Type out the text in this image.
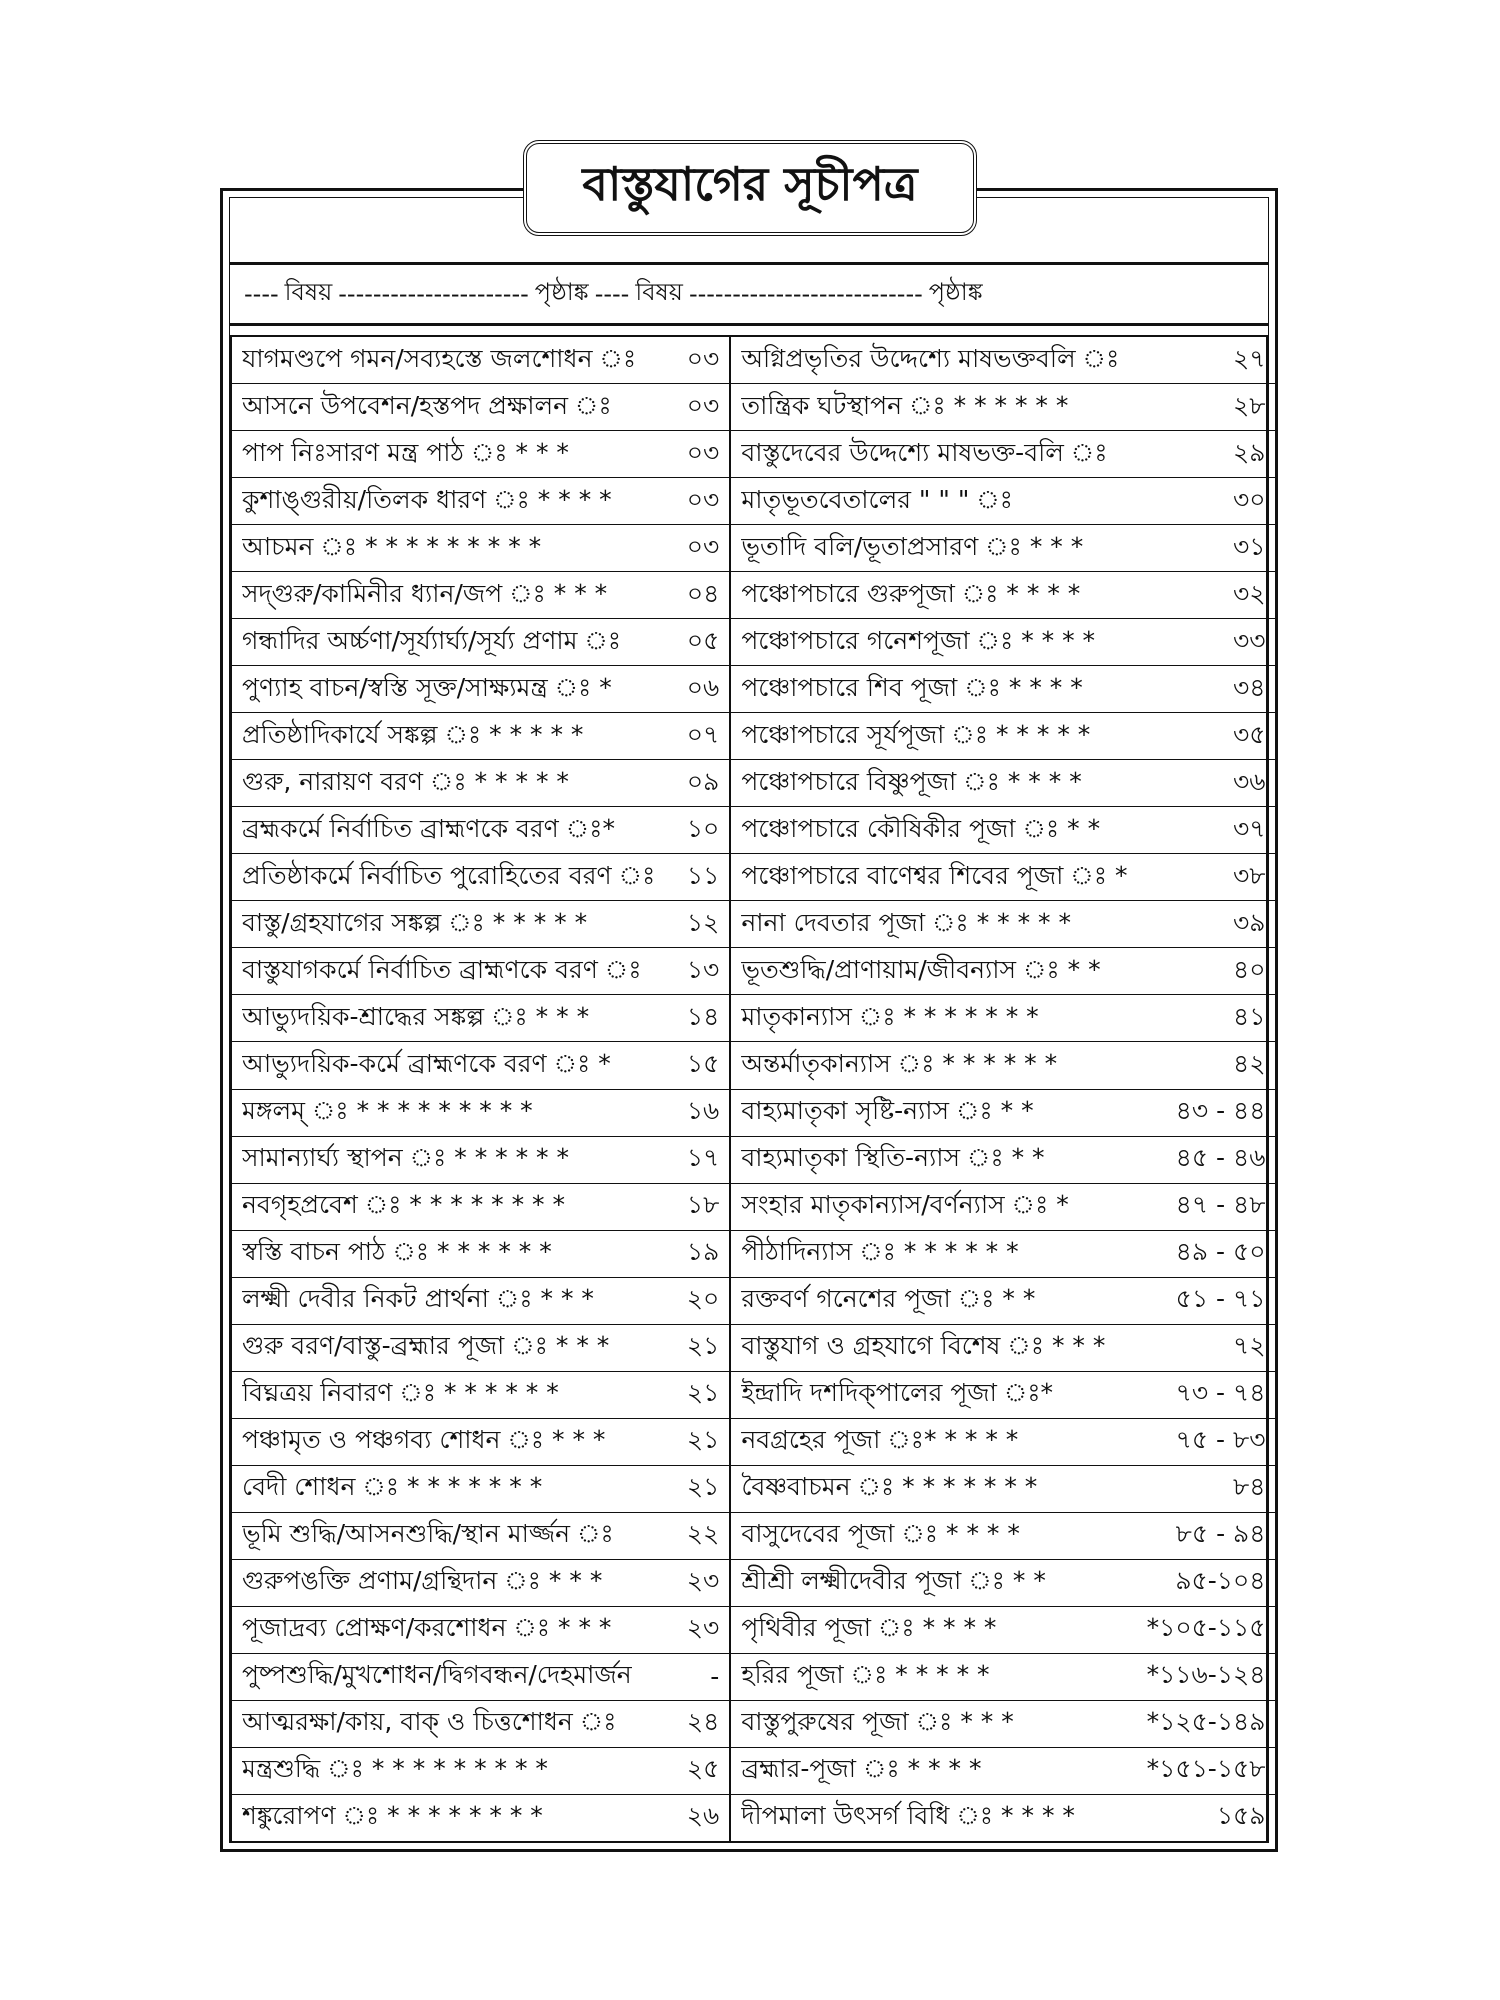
বাস্তুযাগের সূচীপত্র
---- বিষয় ---------------------- পৃষ্ঠাঙ্ক ---- বিষয় --------------------------- পৃষ্ঠাঙ্ক
যাগমণ্ডপে গমন/সব্যহস্তে জলশোধন ঃ	০৩
আসনে উপবেশন/হস্তপদ প্রক্ষালন ঃ	০৩
পাপ নিঃসারণ মন্ত্র পাঠ ঃ * * *	০৩
কুশাঙ্গুরীয়/তিলক ধারণ ঃ * * * *	০৩
আচমন ঃ * * * * * * * * *	০৩
সদ্গুরু/কামিনীর ধ্যান/জপ ঃ * * *	০৪
গন্ধাদির অর্চ্চণা/সূর্য্যার্ঘ্য/সূর্য্য প্রণাম ঃ	০৫
পুণ্যাহ বাচন/স্বস্তি সূক্ত/সাক্ষ্যমন্ত্র ঃ *	০৬
প্রতিষ্ঠাদিকার্যে সঙ্কল্প ঃ * * * * *	০৭
গুরু, নারায়ণ বরণ ঃ * * * * *	০৯
ব্রহ্মকর্মে নির্বাচিত ব্রাহ্মণকে বরণ ঃ*	১০
প্রতিষ্ঠাকর্মে নির্বাচিত পুরোহিতের বরণ ঃ	১১
বাস্তু/গ্রহযাগের সঙ্কল্প ঃ * * * * *	১২
বাস্তুযাগকর্মে নির্বাচিত ব্রাহ্মণকে বরণ ঃ	১৩
আভ্যুদয়িক-শ্রাদ্ধের সঙ্কল্প ঃ * * *	১৪
আভ্যুদয়িক-কর্মে ব্রাহ্মণকে বরণ ঃ *	১৫
মঙ্গলম্ ঃ * * * * * * * * *	১৬
সামান্যার্ঘ্য স্থাপন ঃ * * * * * *	১৭
নবগৃহপ্রবেশ ঃ * * * * * * * *	১৮
স্বস্তি বাচন পাঠ ঃ * * * * * *	১৯
লক্ষ্মী দেবীর নিকট প্রার্থনা ঃ * * *	২০
গুরু বরণ/বাস্তু-ব্রহ্মার পূজা ঃ * * *	২১
বিঘ্নত্রয় নিবারণ ঃ * * * * * *	২১
পঞ্চামৃত ও পঞ্চগব্য শোধন ঃ * * *	২১
বেদী শোধন ঃ * * * * * * *	২১
ভূমি শুদ্ধি/আসনশুদ্ধি/স্থান মার্জ্জন ঃ	২২
গুরুপঙক্তি প্রণাম/গ্রন্থিদান ঃ * * *	২৩
পূজাদ্রব্য প্রোক্ষণ/করশোধন ঃ * * *	২৩
পুষ্পশুদ্ধি/মুখশোধন/দ্বিগবন্ধন/দেহমার্জন	-
আত্মরক্ষা/কায়, বাক্ ও চিত্তশোধন ঃ	২৪
মন্ত্রশুদ্ধি ঃ * * * * * * * * *	২৫
শঙ্কুরোপণ ঃ * * * * * * * *	২৬
অগ্নিপ্রভৃতির উদ্দেশ্যে মাষভক্তবলি ঃ	২৭
তান্ত্রিক ঘটস্থাপন ঃ * * * * * *	২৮
বাস্তুদেবের উদ্দেশ্যে মাষভক্ত-বলি ঃ	২৯
মাতৃভূতবেতালের " " " ঃ	৩০
ভূতাদি বলি/ভূতাপ্রসারণ ঃ * * *	৩১
পঞ্চোপচারে গুরুপূজা ঃ * * * *	৩২
পঞ্চোপচারে গনেশপূজা ঃ * * * *	৩৩
পঞ্চোপচারে শিব পূজা ঃ * * * *	৩৪
পঞ্চোপচারে সূর্যপূজা ঃ * * * * *	৩৫
পঞ্চোপচারে বিষ্ণুপূজা ঃ * * * *	৩৬
পঞ্চোপচারে কৌষিকীর পূজা ঃ * *	৩৭
পঞ্চোপচারে বাণেশ্বর শিবের পূজা ঃ *	৩৮
নানা দেবতার পূজা ঃ * * * * *	৩৯
ভূতশুদ্ধি/প্রাণায়াম/জীবন্যাস ঃ * *	৪০
মাতৃকান্যাস ঃ * * * * * * *	৪১
অন্তর্মাতৃকান্যাস ঃ * * * * * *	৪২
বাহ্যমাতৃকা সৃষ্টি-ন্যাস ঃ * *	৪৩ - ৪৪
বাহ্যমাতৃকা স্থিতি-ন্যাস ঃ * *	৪৫ - ৪৬
সংহার মাতৃকান্যাস/বর্ণন্যাস ঃ *	৪৭ - ৪৮
পীঠাদিন্যাস ঃ * * * * * *	৪৯ - ৫০
রক্তবর্ণ গনেশের পূজা ঃ * *	৫১ - ৭১
বাস্তুযাগ ও গ্রহযাগে বিশেষ ঃ * * *	৭২
ইন্দ্রাদি দশদিক্পালের পূজা ঃ*	৭৩ - ৭৪
নবগ্রহের পূজা ঃ* * * * *	৭৫ - ৮৩
বৈষ্ণবাচমন ঃ * * * * * * *	৮৪
বাসুদেবের পূজা ঃ * * * *	৮৫ - ৯৪
শ্রীশ্রী লক্ষ্মীদেবীর পূজা ঃ * *	৯৫-১০৪
পৃথিবীর পূজা ঃ * * * *	*১০৫-১১৫
হরির পূজা ঃ * * * * *	*১১৬-১২৪
বাস্তুপুরুষের পূজা ঃ * * *	*১২৫-১৪৯
ব্রহ্মার-পূজা ঃ * * * *	*১৫১-১৫৮
দীপমালা উৎসর্গ বিধি ঃ * * * *	১৫৯
